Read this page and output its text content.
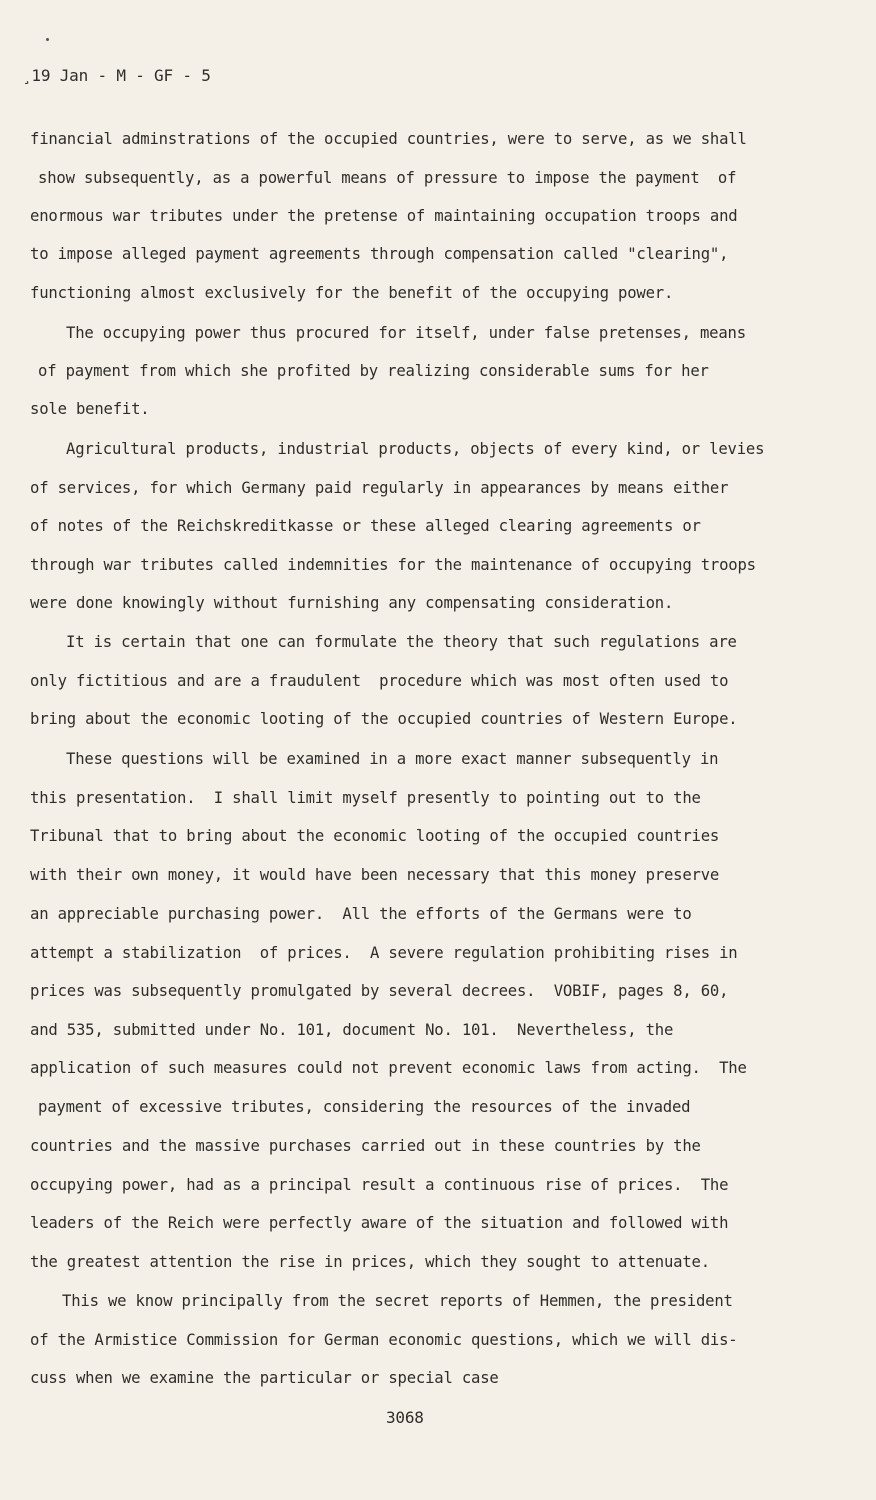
¸19 Jan - M - GF - 5
financial adminstrations of the occupied countries, were to serve, as we shall
show subsequently, as a powerful means of pressure to impose the payment  of
enormous war tributes under the pretense of maintaining occupation troops and
to impose alleged payment agreements through compensation called "clearing",
functioning almost exclusively for the benefit of the occupying power.
The occupying power thus procured for itself, under false pretenses, means
of payment from which she profited by realizing considerable sums for her
sole benefit.
Agricultural products, industrial products, objects of every kind, or levies
of services, for which Germany paid regularly in appearances by means either
of notes of the Reichskreditkasse or these alleged clearing agreements or
through war tributes called indemnities for the maintenance of occupying troops
were done knowingly without furnishing any compensating consideration.
It is certain that one can formulate the theory that such regulations are
only fictitious and are a fraudulent  procedure which was most often used to
bring about the economic looting of the occupied countries of Western Europe.
These questions will be examined in a more exact manner subsequently in
this presentation.  I shall limit myself presently to pointing out to the
Tribunal that to bring about the economic looting of the occupied countries
with their own money, it would have been necessary that this money preserve
an appreciable purchasing power.  All the efforts of the Germans were to
attempt a stabilization  of prices.  A severe regulation prohibiting rises in
prices was subsequently promulgated by several decrees.  VOBIF, pages 8, 60,
and 535, submitted under No. 101, document No. 101.  Nevertheless, the
application of such measures could not prevent economic laws from acting.  The
payment of excessive tributes, considering the resources of the invaded
countries and the massive purchases carried out in these countries by the
occupying power, had as a principal result a continuous rise of prices.  The
leaders of the Reich were perfectly aware of the situation and followed with
the greatest attention the rise in prices, which they sought to attenuate.
This we know principally from the secret reports of Hemmen, the president
of the Armistice Commission for German economic questions, which we will dis-
cuss when we examine the particular or special case
3068
